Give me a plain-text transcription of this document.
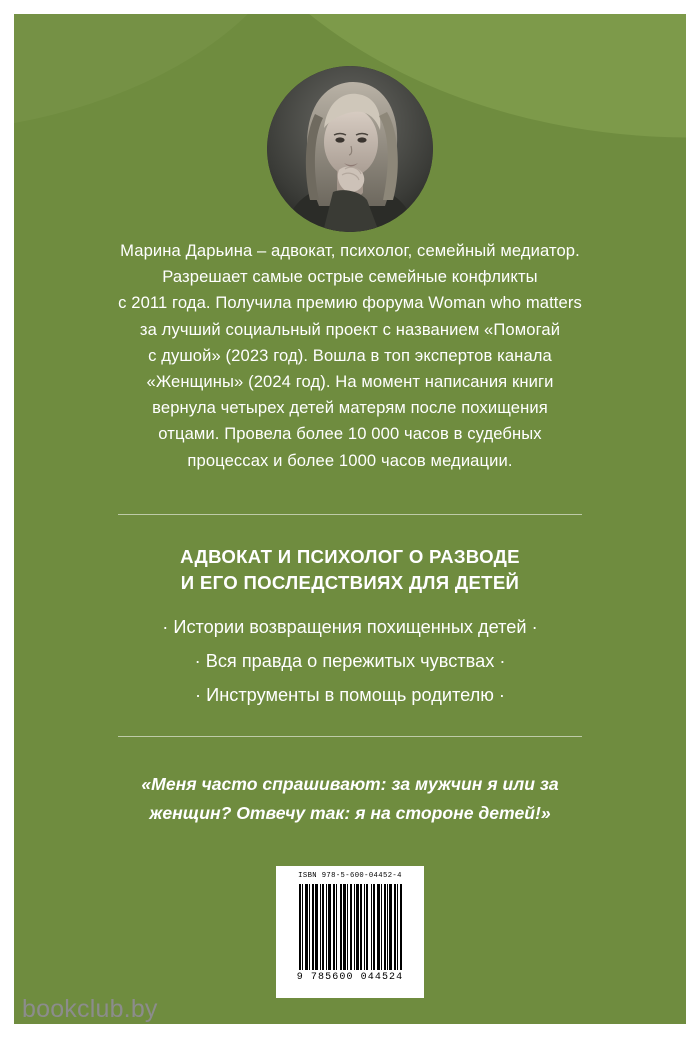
Марина Дарьина – адвокат, психолог, семейный медиатор.

Разрешает самые острые семейные конфликты

с 2011 года. Получила премию форума Woman who matters

за лучший социальный проект с названием «Помогай

с душой» (2023 год). Вошла в топ экспертов канала

«Женщины» (2024 год). На момент написания книги

вернула четырех детей матерям после похищения

отцами. Провела более 10 000 часов в судебных

процессах и более 1000 часов медиации.

АДВОКАТ И ПСИХОЛОГ О РАЗВОДЕ
И ЕГО ПОСЛЕДСТВИЯХ ДЛЯ ДЕТЕЙ
· Истории возвращения похищенных детей ·
· Вся правда о пережитых чувствах ·
· Инструменты в помощь родителю ·
«Меня часто спрашивают: за мужчин я или за
женщин? Отвечу так: я на стороне детей!»
ISBN 978-5-600-04452-4
9 785600 044524
bookclub.by
